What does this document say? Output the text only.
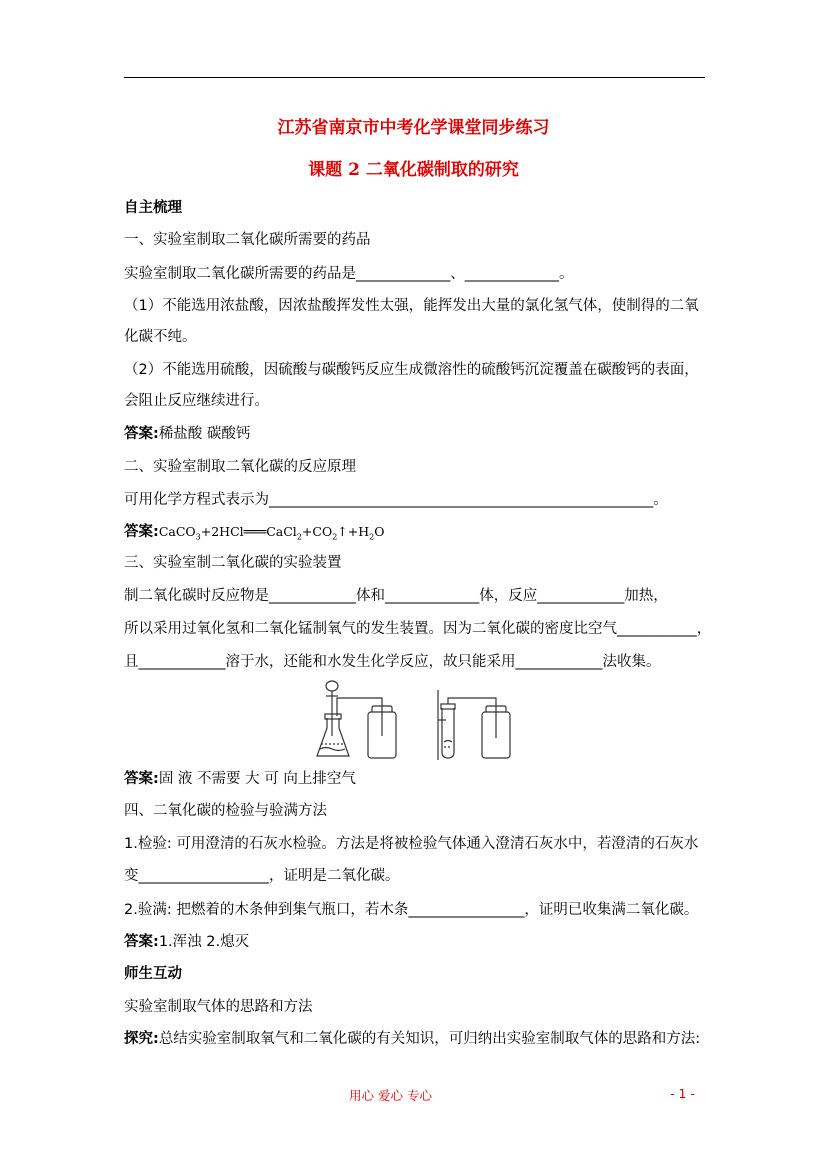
江苏省南京市中考化学课堂同步练习
课题 2 二氧化碳制取的研究
自主梳理
一、实验室制取二氧化碳所需要的药品
实验室制取二氧化碳所需要的药品是_____________、_____________。
（1）不能选用浓盐酸，因浓盐酸挥发性太强，能挥发出大量的氯化氢气体，使制得的二氧
化碳不纯。
（2）不能选用硫酸，因硫酸与碳酸钙反应生成微溶性的硫酸钙沉淀覆盖在碳酸钙的表面，
会阻止反应继续进行。
答案:稀盐酸 碳酸钙
二、实验室制取二氧化碳的反应原理
可用化学方程式表示为_____________________________________________________。
答案$:CaCO_3+2HCl═══CaCl_2+CO_2↑+H_2O$
三、实验室制二氧化碳的实验装置
制二氧化碳时反应物是____________体和_____________体，反应____________加热，
所以采用过氧化氢和二氧化锰制氧气的发生装置。因为二氧化碳的密度比空气___________，
且____________溶于水，还能和水发生化学反应，故只能采用____________法收集。
答案:固 液 不需要 大 可 向上排空气
四、二氧化碳的检验与验满方法
1.检验: 可用澄清的石灰水检验。方法是将被检验气体通入澄清石灰水中，若澄清的石灰水
变__________________，证明是二氧化碳。
2.验满: 把燃着的木条伸到集气瓶口，若木条________________，证明已收集满二氧化碳。
答案:1.浑浊 2.熄灭
师生互动
实验室制取气体的思路和方法
探究:总结实验室制取氧气和二氧化碳的有关知识，可归纳出实验室制取气体的思路和方法:
用心 爱心 专心	- 1 -
